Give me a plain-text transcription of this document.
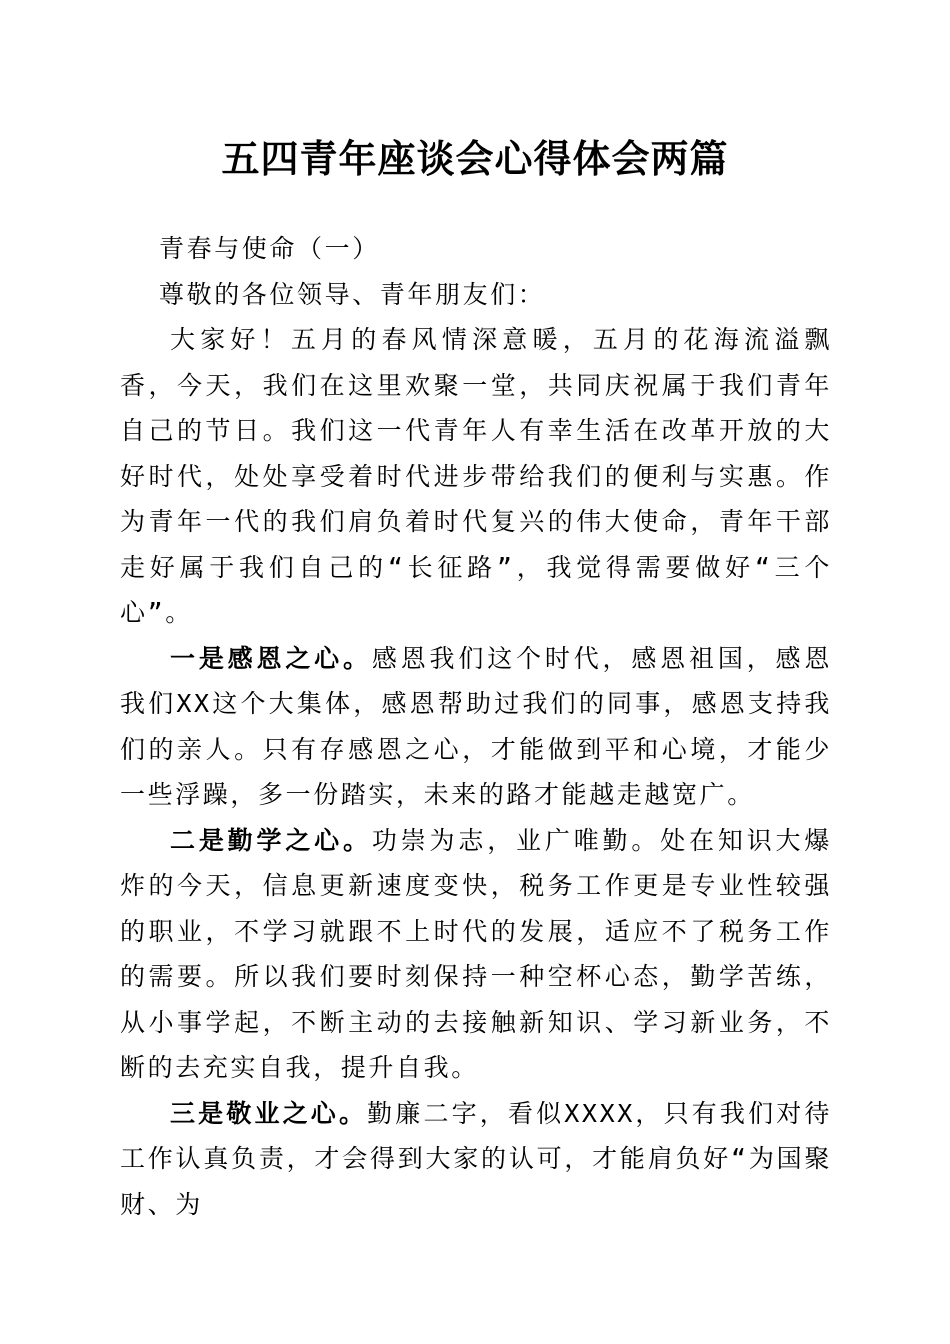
五四青年座谈会心得体会两篇

青春与使命（一）

尊敬的各位领导、青年朋友们：

大家好！五月的春风情深意暖，五月的花海流溢飘香，今天，我们在这里欢聚一堂，共同庆祝属于我们青年自己的节日。我们这一代青年人有幸生活在改革开放的大好时代，处处享受着时代进步带给我们的便利与实惠。作为青年一代的我们肩负着时代复兴的伟大使命，青年干部走好属于我们自己的“长征路”，我觉得需要做好“三个心”。

一是感恩之心。感恩我们这个时代，感恩祖国，感恩我们XX这个大集体，感恩帮助过我们的同事，感恩支持我们的亲人。只有存感恩之心，才能做到平和心境，才能少一些浮躁，多一份踏实，未来的路才能越走越宽广。

二是勤学之心。功崇为志，业广唯勤。处在知识大爆炸的今天，信息更新速度变快，税务工作更是专业性较强的职业，不学习就跟不上时代的发展，适应不了税务工作的需要。所以我们要时刻保持一种空杯心态，勤学苦练，从小事学起，不断主动的去接触新知识、学习新业务，不断的去充实自我，提升自我。

三是敬业之心。勤廉二字，看似XXXX，只有我们对待工作认真负责，才会得到大家的认可，才能肩负好“为国聚财、为
